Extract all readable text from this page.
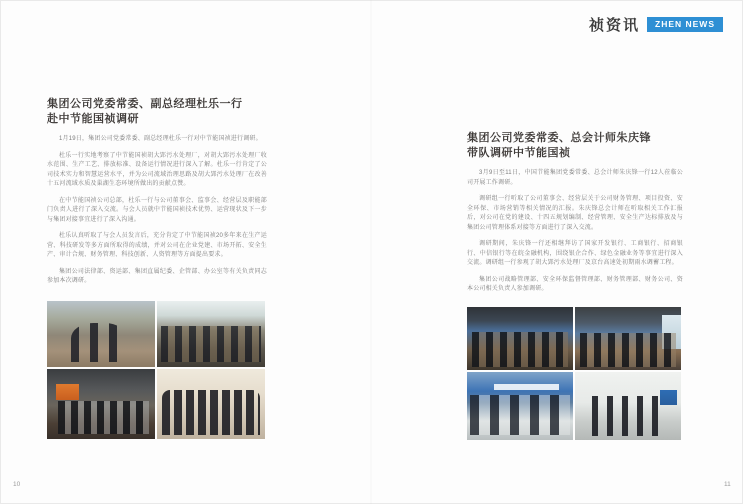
祯资讯	ZHEN NEWS
集团公司党委常委、副总经理杜乐一行
赴中节能国祯调研

1月19日，集团公司党委常委、副总经理杜乐一行对中节能国祯进行调研。

杜乐一行实地考察了中节能国祯胡大郢污水处理厂，对胡大郢污水处理厂收水范围、生产工艺、排放标准、设备运行情况进行深入了解。杜乐一行肯定了公司技术实力和智慧运营水平，并为公司流域治理思路及胡大郢污水处理厂在改善十五河流域水质及巢湖生态环境所做出的贡献点赞。

在中节能国祯公司总部，杜乐一行与公司董事会、监事会、经营层及职能部门负责人进行了深入交流。与会人员就中节能国祯技术优势、运营现状及下一步与集团对接事宜进行了深入沟通。

杜乐认真听取了与会人员发言后，充分肯定了中节能国祯20多年来在生产运营、科技研发等多方面所取得的成绩，并对公司在企业党建、市场开拓、安全生产、审计合规、财务管理、科技创新、人资管理等方面提出要求。

集团公司法律部、资运部、集团直属纪委、企管部、办公室等有关负责同志参加本次调研。

10
集团公司党委常委、总会计师朱庆锋
带队调研中节能国祯

3月9日至11日，中国节能集团党委常委、总会计师朱庆锋一行12人莅临公司开展工作调研。

调研组一行听取了公司董事会、经营层关于公司财务管理、项目投资、安全环保、市场营销等相关情况的汇报。朱庆锋总会计师在听取相关工作汇报后，对公司在党的建设、十四五规划编制、经营管理、安全生产达标排放及与集团公司管理体系对接等方面进行了深入交流。

调研期间，朱庆锋一行还相继拜访了国家开发银行、工商银行、招商银行、中信银行等在皖金融机构，围绕银企合作、绿色金融业务等事宜进行深入交流。调研组一行参观了胡大郢污水处理厂及京台高速处初期雨水调蓄工程。

集团公司战略管理部、安全环保监督管理部、财务管理部、财务公司、资本公司相关负责人参加调研。

11
